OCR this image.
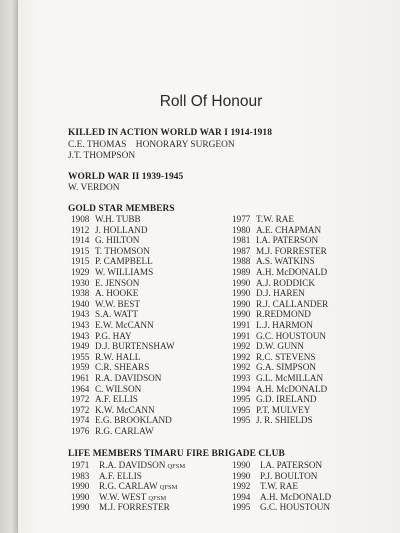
Roll Of Honour
KILLED IN ACTION WORLD WAR I 1914-1918
C.E. THOMAS    HONORARY SURGEON
J.T. THOMPSON
WORLD WAR II 1939-1945
W. VERDON
GOLD STAR MEMBERS
1908 W.H. TUBB
1912 J. HOLLAND
1914 G. HILTON
1915 T. THOMSON
1915 P. CAMPBELL
1929 W. WILLIAMS
1930 E. JENSON
1938 A. HOOKE
1940 W.W. BEST
1943 S.A. WATT
1943 E.W. McCANN
1943 P.G. HAY
1949 D.J. BURTENSHAW
1955 R.W. HALL
1959 C.R. SHEARS
1961 R.A. DAVIDSON
1964 C. WILSON
1972 A.F. ELLIS
1972 K.W. McCANN
1974 E.G. BROOKLAND
1976 R.G. CARLAW
1977 T.W. RAE
1980 A.E. CHAPMAN
1981 I.A. PATERSON
1987 M.J. FORRESTER
1988 A.S. WATKINS
1989 A.H. McDONALD
1990 A.J. RODDICK
1990 D.J. HAREN
1990 R.J. CALLANDER
1990 R.REDMOND
1991 L.J. HARMON
1991 G.C. HOUSTOUN
1992 D.W. GUNN
1992 R.C. STEVENS
1992 G.A. SIMPSON
1993 G.L. McMILLAN
1994 A.H. McDONALD
1995 G.D. IRELAND
1995 P.T. MULVEY
1995 J. R. SHIELDS
LIFE MEMBERS TIMARU FIRE BRIGADE CLUB
1971 R.A. DAVIDSON QFSM
1983 A.F. ELLIS
1990 R.G. CARLAW QFSM
1990 W.W. WEST QFSM
1990 M.J. FORRESTER
1990 I.A. PATERSON
1990 P.J. BOULTON
1992 T.W. RAE
1994 A.H. McDONALD
1995 G.C. HOUSTOUN
